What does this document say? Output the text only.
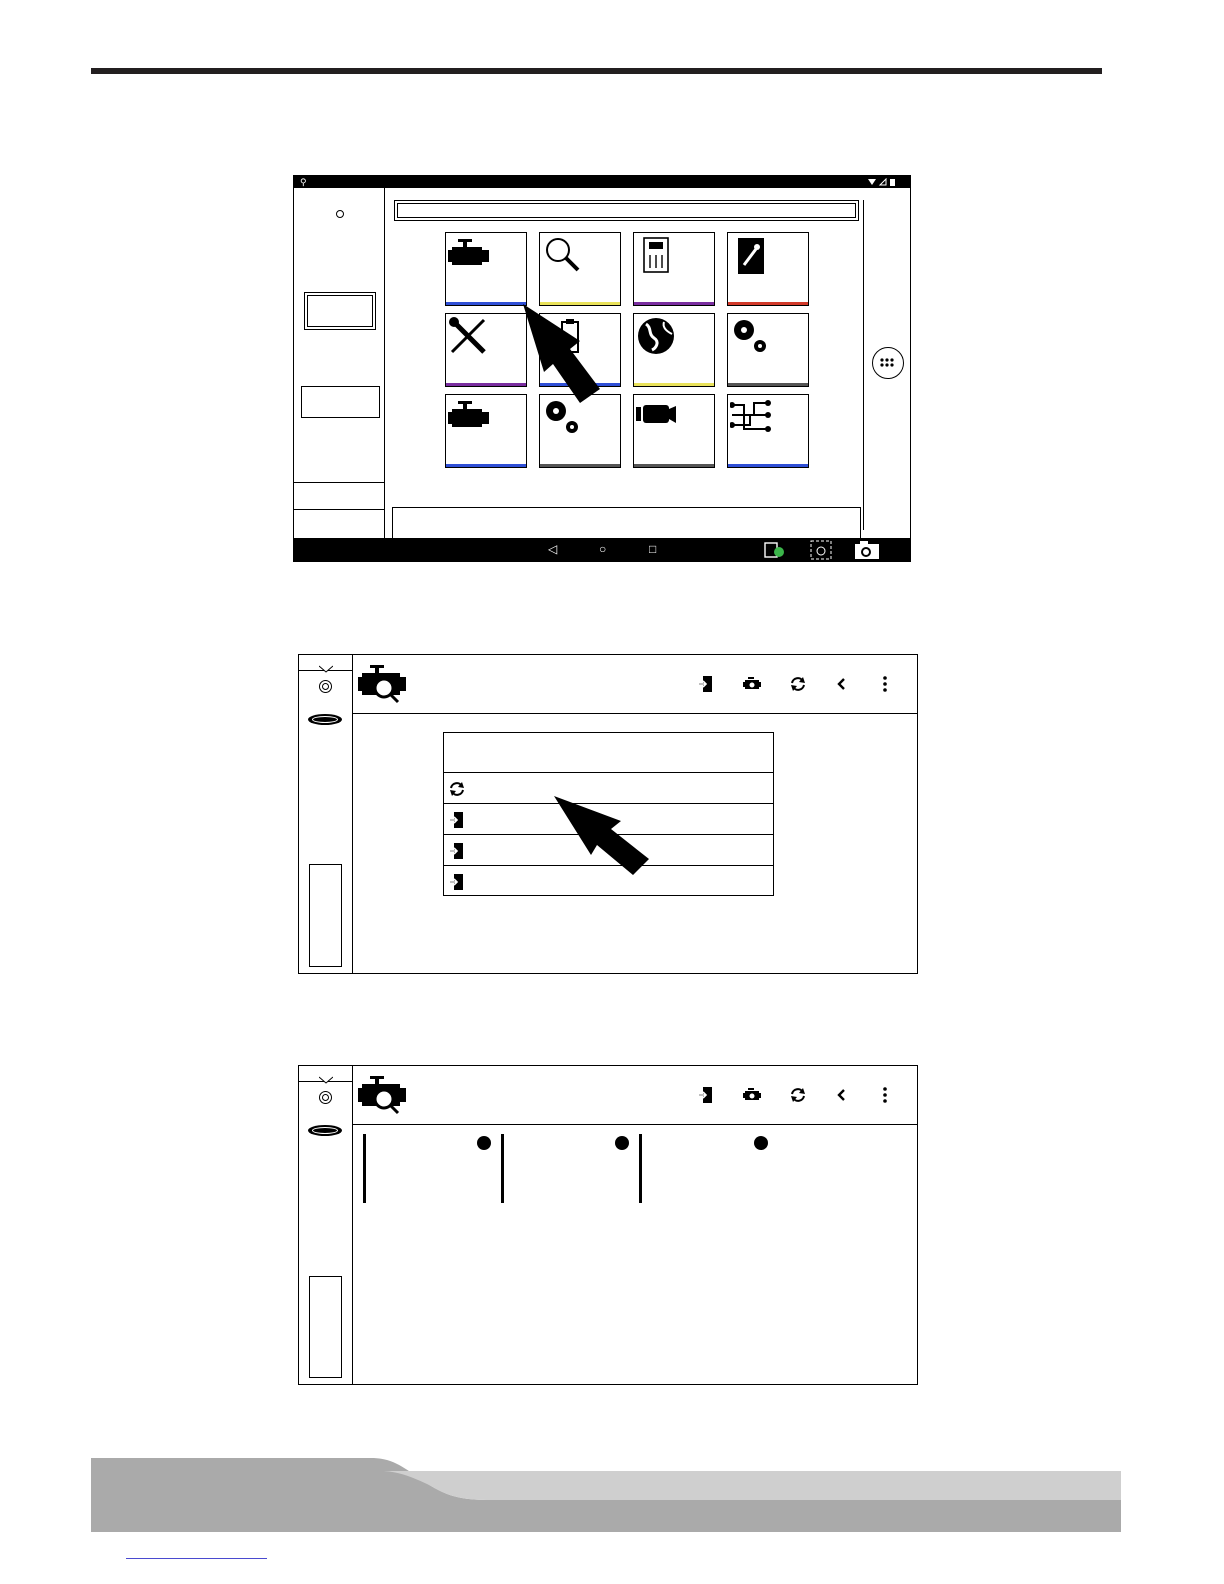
⚲
◁	○	□
